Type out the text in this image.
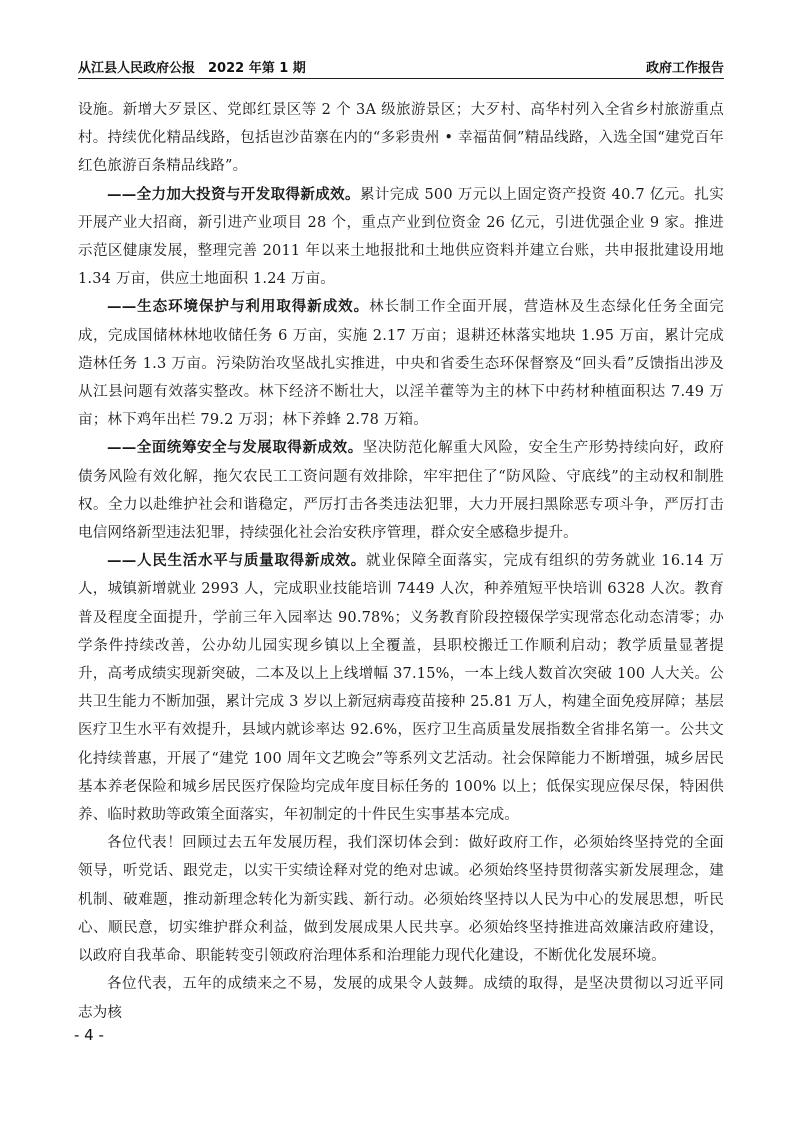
从江县人民政府公报　2022 年第 1 期	政府工作报告

设施。新增大歹景区、党郎红景区等 2 个 3A 级旅游景区；大歹村、高华村列入全省乡村旅游重点村。持续优化精品线路，包括岜沙苗寨在内的“多彩贵州 • 幸福苗侗”精品线路，入选全国“建党百年红色旅游百条精品线路”。

——全力加大投资与开发取得新成效。累计完成 500 万元以上固定资产投资 40.7 亿元。扎实开展产业大招商，新引进产业项目 28 个，重点产业到位资金 26 亿元，引进优强企业 9 家。推进示范区健康发展，整理完善 2011 年以来土地报批和土地供应资料并建立台账，共申报批建设用地 1.34 万亩，供应土地面积 1.24 万亩。

——生态环境保护与利用取得新成效。林长制工作全面开展，营造林及生态绿化任务全面完成，完成国储林林地收储任务 6 万亩，实施 2.17 万亩；退耕还林落实地块 1.95 万亩，累计完成造林任务 1.3 万亩。污染防治攻坚战扎实推进，中央和省委生态环保督察及“回头看”反馈指出涉及从江县问题有效落实整改。林下经济不断壮大，以淫羊藿等为主的林下中药材种植面积达 7.49 万亩；林下鸡年出栏 79.2 万羽；林下养蜂 2.78 万箱。

——全面统筹安全与发展取得新成效。坚决防范化解重大风险，安全生产形势持续向好，政府债务风险有效化解，拖欠农民工工资问题有效排除，牢牢把住了“防风险、守底线”的主动权和制胜权。全力以赴维护社会和谐稳定，严厉打击各类违法犯罪，大力开展扫黑除恶专项斗争，严厉打击电信网络新型违法犯罪，持续强化社会治安秩序管理，群众安全感稳步提升。

——人民生活水平与质量取得新成效。就业保障全面落实，完成有组织的劳务就业 16.14 万人，城镇新增就业 2993 人，完成职业技能培训 7449 人次，种养殖短平快培训 6328 人次。教育普及程度全面提升，学前三年入园率达 90.78%；义务教育阶段控辍保学实现常态化动态清零；办学条件持续改善，公办幼儿园实现乡镇以上全覆盖，县职校搬迁工作顺利启动；教学质量显著提升，高考成绩实现新突破，二本及以上上线增幅 37.15%，一本上线人数首次突破 100 人大关。公共卫生能力不断加强，累计完成 3 岁以上新冠病毒疫苗接种 25.81 万人，构建全面免疫屏障；基层医疗卫生水平有效提升，县域内就诊率达 92.6%，医疗卫生高质量发展指数全省排名第一。公共文化持续普惠，开展了“建党 100 周年文艺晚会”等系列文艺活动。社会保障能力不断增强，城乡居民基本养老保险和城乡居民医疗保险均完成年度目标任务的 100% 以上；低保实现应保尽保，特困供养、临时救助等政策全面落实，年初制定的十件民生实事基本完成。

各位代表！回顾过去五年发展历程，我们深切体会到：做好政府工作，必须始终坚持党的全面领导，听党话、跟党走，以实干实绩诠释对党的绝对忠诚。必须始终坚持贯彻落实新发展理念，建机制、破难题，推动新理念转化为新实践、新行动。必须始终坚持以人民为中心的发展思想，听民心、顺民意，切实维护群众利益，做到发展成果人民共享。必须始终坚持推进高效廉洁政府建设，以政府自我革命、职能转变引领政府治理体系和治理能力现代化建设，不断优化发展环境。

各位代表，五年的成绩来之不易，发展的成果令人鼓舞。成绩的取得，是坚决贯彻以习近平同志为核

- 4 -
